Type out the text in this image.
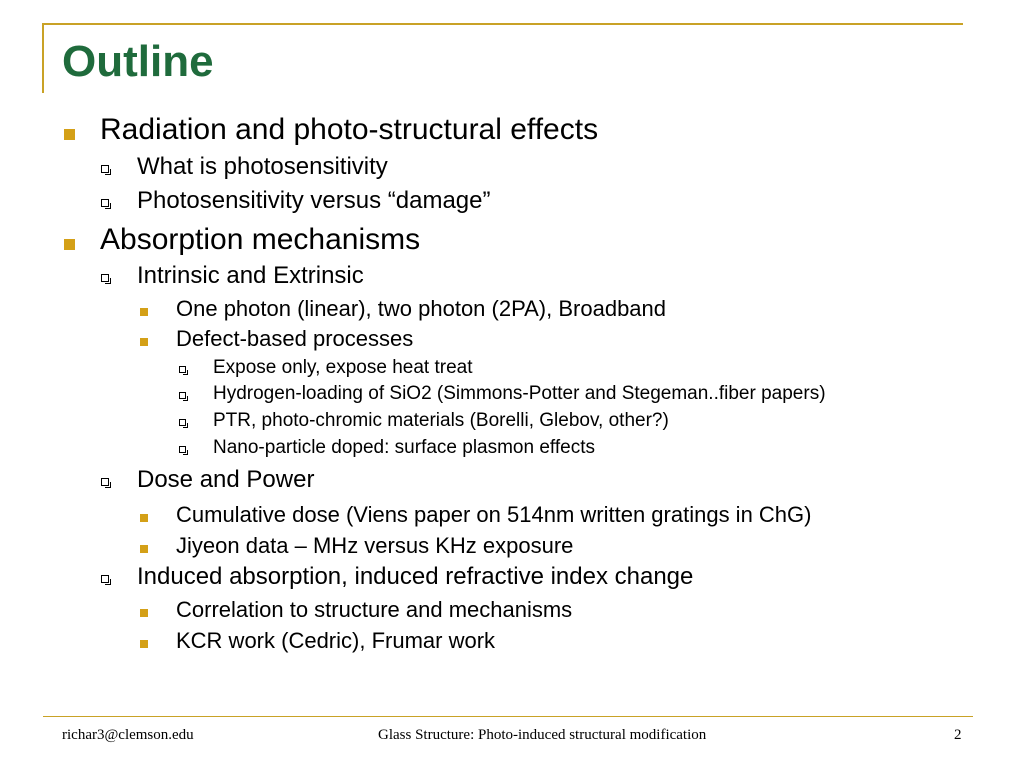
Outline
Radiation and photo-structural effects
What is photosensitivity
Photosensitivity versus “damage”
Absorption mechanisms
Intrinsic and Extrinsic
One photon (linear), two photon (2PA), Broadband
Defect-based processes
Expose only, expose heat treat
Hydrogen-loading of SiO2 (Simmons-Potter and Stegeman..fiber papers)
PTR, photo-chromic materials (Borelli, Glebov, other?)
Nano-particle doped: surface plasmon effects
Dose and Power
Cumulative dose (Viens paper on 514nm written gratings in ChG)
Jiyeon data – MHz versus KHz exposure
Induced absorption, induced refractive index change
Correlation to structure and mechanisms
KCR work (Cedric), Frumar work
richar3@clemson.edu	Glass Structure: Photo-induced structural modification	2
